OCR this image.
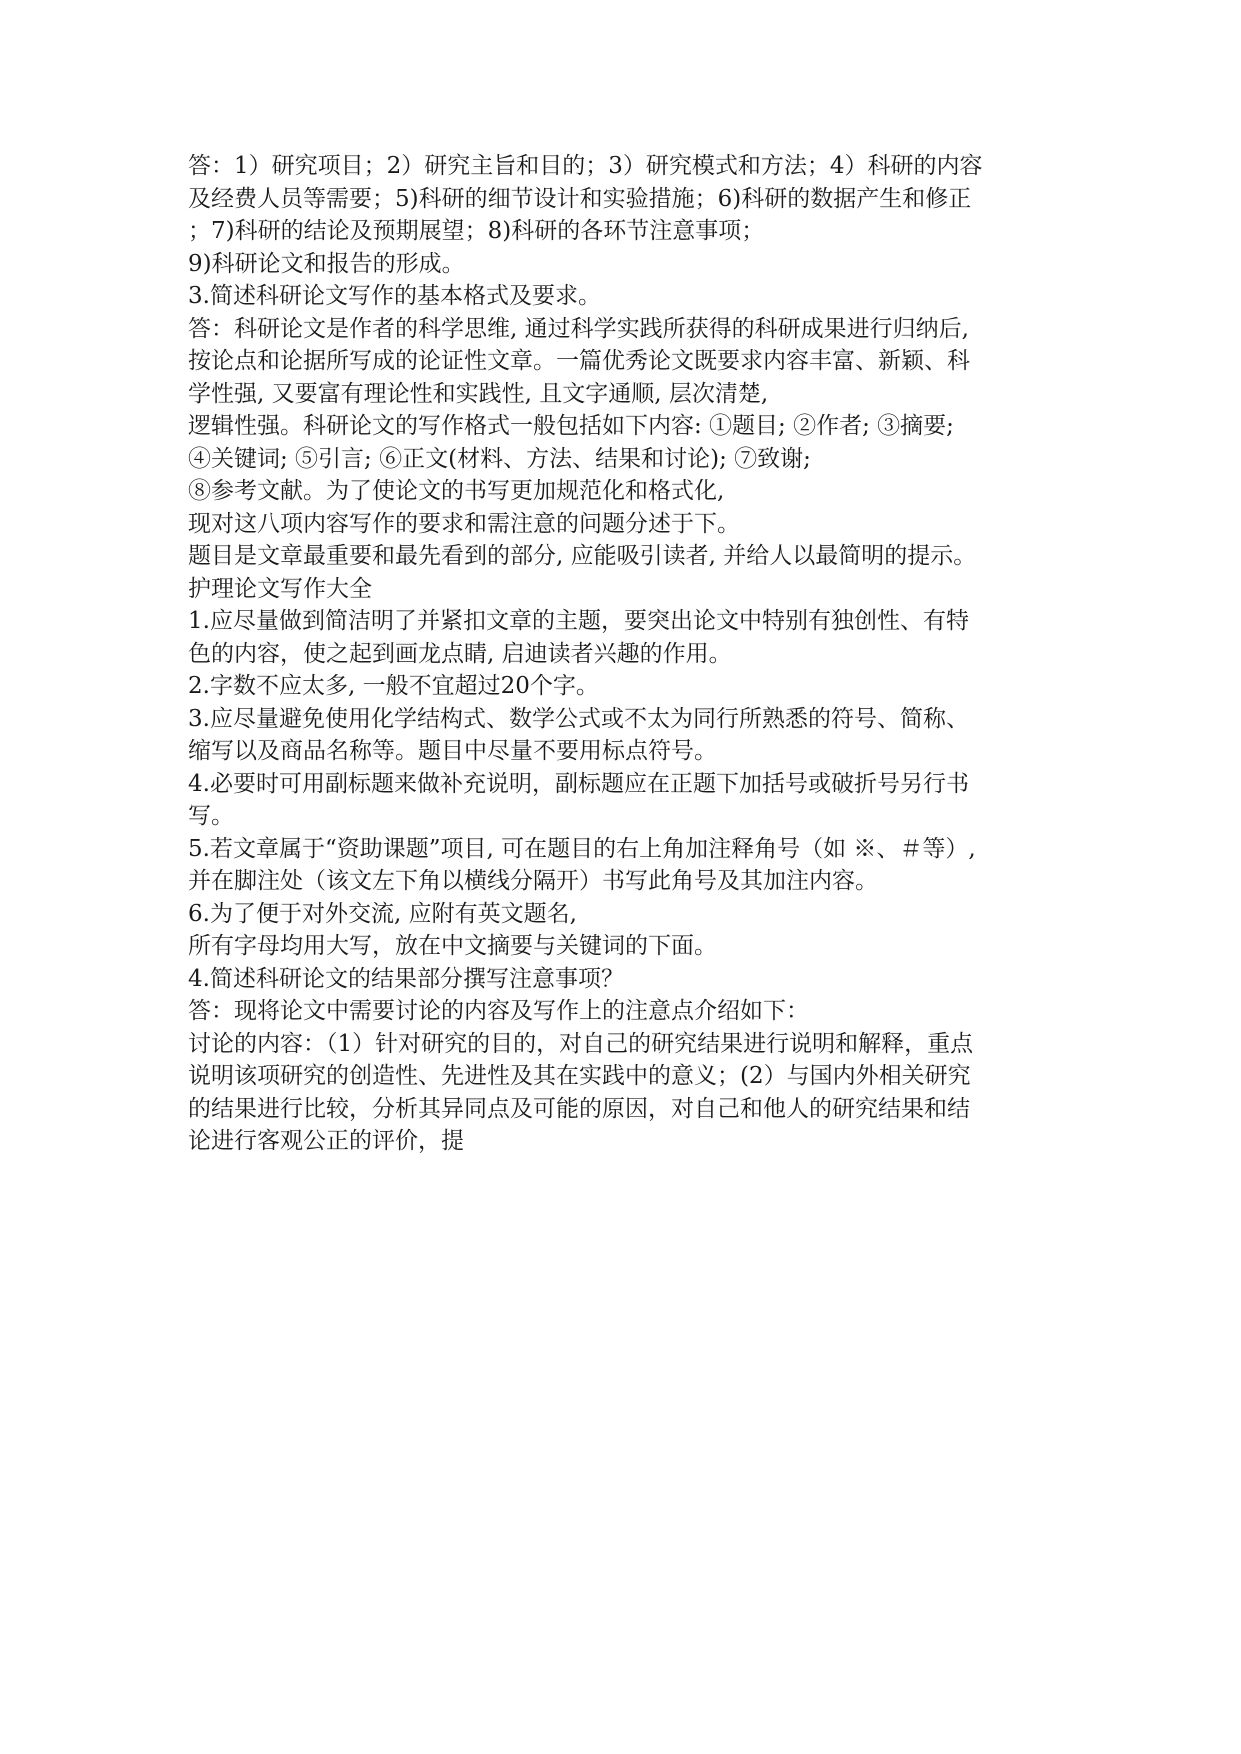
答：1）研究项目；2）研究主旨和目的；3）研究模式和方法；4）科研的内容
及经费人员等需要；5)科研的细节设计和实验措施；6)科研的数据产生和修正
；7)科研的结论及预期展望；8)科研的各环节注意事项；
9)科研论文和报告的形成。
3.简述科研论文写作的基本格式及要求。
答：科研论文是作者的科学思维, 通过科学实践所获得的科研成果进行归纳后,
按论点和论据所写成的论证性文章。一篇优秀论文既要求内容丰富、新颖、科
学性强, 又要富有理论性和实践性, 且文字通顺, 层次清楚,
逻辑性强。科研论文的写作格式一般包括如下内容: ①题目; ②作者; ③摘要;
④关键词; ⑤引言; ⑥正文(材料、方法、结果和讨论); ⑦致谢;
⑧参考文献。为了使论文的书写更加规范化和格式化,
现对这八项内容写作的要求和需注意的问题分述于下。
题目是文章最重要和最先看到的部分, 应能吸引读者, 并给人以最简明的提示。
护理论文写作大全
1.应尽量做到简洁明了并紧扣文章的主题，要突出论文中特别有独创性、有特
色的内容，使之起到画龙点睛, 启迪读者兴趣的作用。
2.字数不应太多, 一般不宜超过20个字。
3.应尽量避免使用化学结构式、数学公式或不太为同行所熟悉的符号、简称、
缩写以及商品名称等。题目中尽量不要用标点符号。
4.必要时可用副标题来做补充说明，副标题应在正题下加括号或破折号另行书
写。
5.若文章属于“资助课题”项目, 可在题目的右上角加注释角号（如 ※、＃等）,
并在脚注处（该文左下角以横线分隔开）书写此角号及其加注内容。
6.为了便于对外交流, 应附有英文题名,
所有字母均用大写，放在中文摘要与关键词的下面。
4.简述科研论文的结果部分撰写注意事项？
答：现将论文中需要讨论的内容及写作上的注意点介绍如下：
讨论的内容：（1）针对研究的目的，对自己的研究结果进行说明和解释，重点
说明该项研究的创造性、先进性及其在实践中的意义；(2）与国内外相关研究
的结果进行比较，分析其异同点及可能的原因，对自己和他人的研究结果和结
论进行客观公正的评价，提
